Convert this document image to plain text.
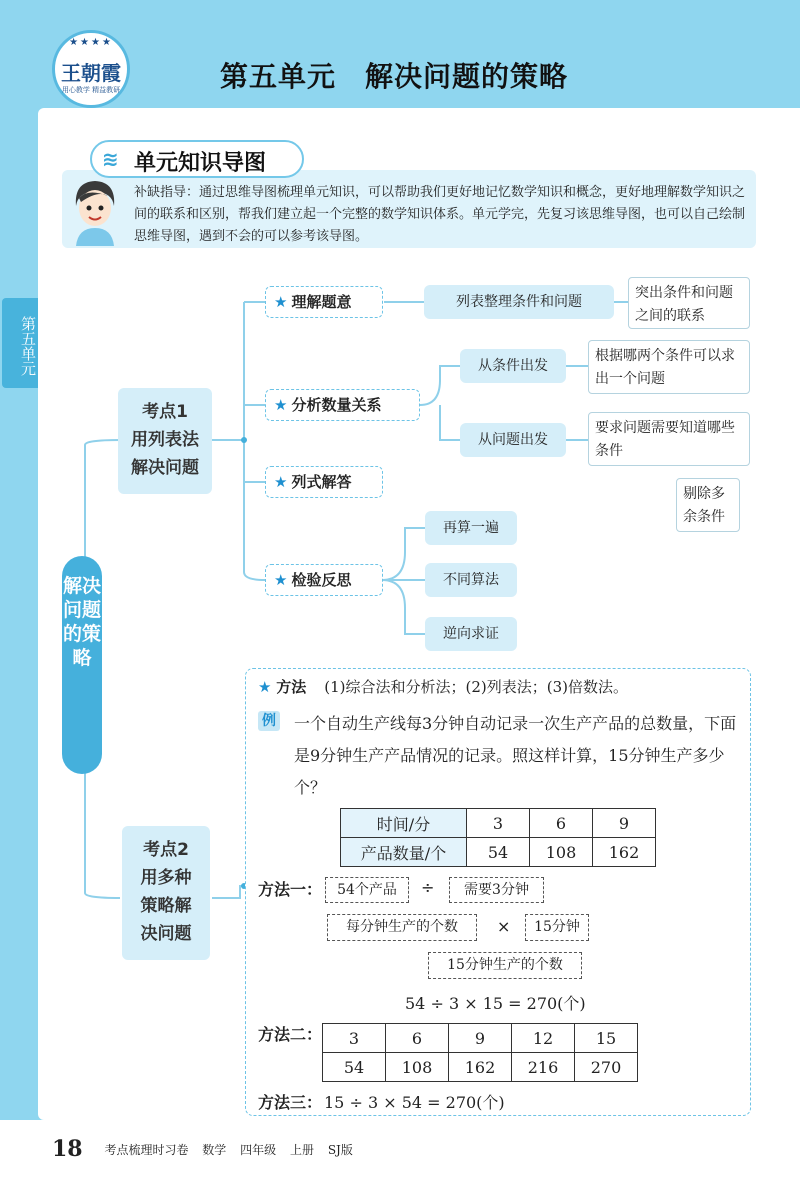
★★★★
王朝霞
用心教学 精益教研	第五单元　解决问题的策略
第五单元
≋ 单元知识导图
补缺指导：通过思维导图梳理单元知识，可以帮助我们更好地记忆数学知识和概念，更好地理解数学知识之间的联系和区别，帮我们建立起一个完整的数学知识体系。单元学完，先复习该思维导图，也可以自己绘制思维导图，遇到不会的可以参考该导图。
解决问题的策略
考点1
用列表法
解决问题
★ 理解题意
★ 分析数量关系
★ 列式解答
★ 检验反思
列表整理条件和问题
突出条件和问题之间的联系
从条件出发
根据哪两个条件可以求出一个问题
从问题出发
要求问题需要知道哪些条件
剔除多余条件
再算一遍
不同算法
逆向求证
考点2
用多种
策略解
决问题
★ 方法 (1)综合法和分析法；(2)列表法；(3)倍数法。
例 一个自动生产线每3分钟自动记录一次生产产品的总数量，下面是9分钟生产产品情况的记录。照这样计算，15分钟生产多少个？
时间/分	3	6	9
产品数量/个	54	108	162
方法一：	54个产品	÷	需要3分钟
每分钟生产的个数	×	15分钟
15分钟生产的个数
54 ÷ 3 × 15 = 270(个)
方法二： 3	6	9	12	15
54	108	162	216	270
方法三： 15 ÷ 3 × 54 = 270(个)
18 考点梳理时习卷 数学 四年级 上册 SJ版
